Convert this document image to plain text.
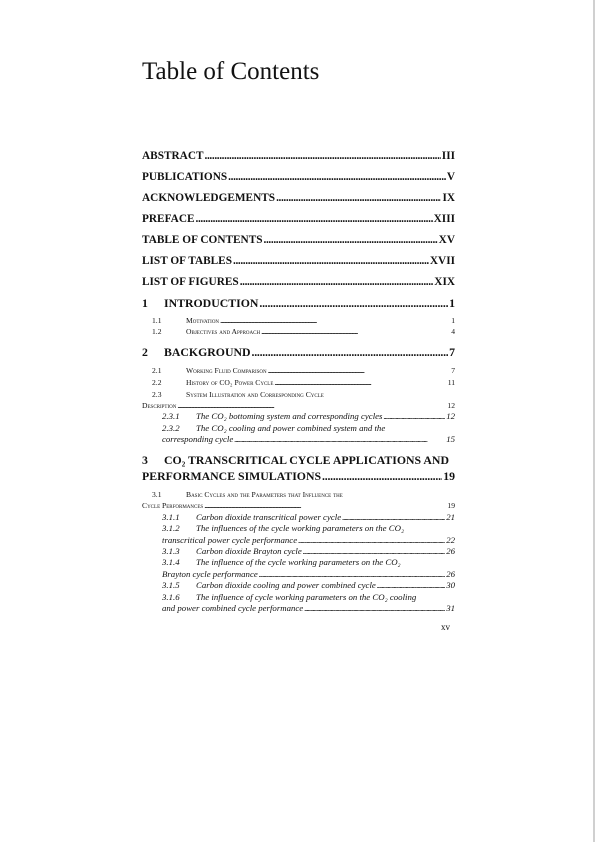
Table of Contents
ABSTRACT . . .	III
PUBLICATIONS . . .	V
ACKNOWLEDGEMENTS . . .	IX
PREFACE . . .	XIII
TABLE OF CONTENTS . . .	XV
LIST OF TABLES . . .	XVII
LIST OF FIGURES . . .	XIX
1	INTRODUCTION . . .	1
1.1	Motivation . . .	1
1.2	Objectives and Approach . . .	4
2	BACKGROUND . . .	7
2.1	Working Fluid Comparison . . .	7
2.2	History of CO₂ Power Cycle . . .	11
2.3	System Illustration and Corresponding Cycle
Description . . .	12
2.3.1	The CO₂ bottoming system and corresponding cycles . . .	12
2.3.2 The CO₂ cooling and power combined system and the
corresponding cycle . . .	15
3 CO₂ TRANSCRITICAL CYCLE APPLICATIONS AND
PERFORMANCE SIMULATIONS . . .	19
3.1	Basic Cycles and the Parameters that Influence the
Cycle Performances . . .	19
3.1.1	Carbon dioxide transcritical power cycle . . .	21
3.1.2 The influences of the cycle working parameters on the CO₂
transcritical power cycle performance . . .	22
3.1.3	Carbon dioxide Brayton cycle . . .	26
3.1.4 The influence of the cycle working parameters on the CO₂
Brayton cycle performance . . .	26
3.1.5	Carbon dioxide cooling and power combined cycle . . .	30
3.1.6 The influence of cycle working parameters on the CO₂ cooling
and power combined cycle performance . . .	31
xv
